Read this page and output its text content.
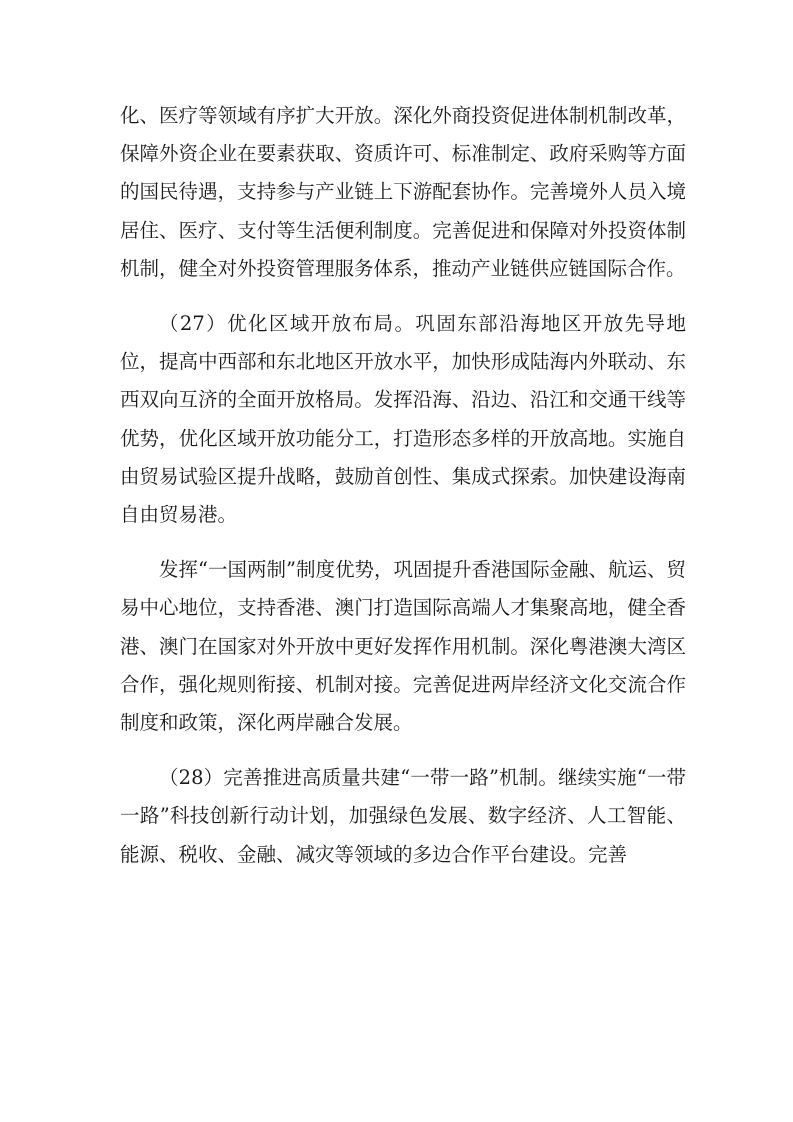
化、医疗等领域有序扩大开放。深化外商投资促进体制机制改革，保障外资企业在要素获取、资质许可、标准制定、政府采购等方面的国民待遇，支持参与产业链上下游配套协作。完善境外人员入境居住、医疗、支付等生活便利制度。完善促进和保障对外投资体制机制，健全对外投资管理服务体系，推动产业链供应链国际合作。

（27）优化区域开放布局。巩固东部沿海地区开放先导地位，提高中西部和东北地区开放水平，加快形成陆海内外联动、东西双向互济的全面开放格局。发挥沿海、沿边、沿江和交通干线等优势，优化区域开放功能分工，打造形态多样的开放高地。实施自由贸易试验区提升战略，鼓励首创性、集成式探索。加快建设海南自由贸易港。

发挥“一国两制”制度优势，巩固提升香港国际金融、航运、贸易中心地位，支持香港、澳门打造国际高端人才集聚高地，健全香港、澳门在国家对外开放中更好发挥作用机制。深化粤港澳大湾区合作，强化规则衔接、机制对接。完善促进两岸经济文化交流合作制度和政策，深化两岸融合发展。

（28）完善推进高质量共建“一带一路”机制。继续实施“一带一路”科技创新行动计划，加强绿色发展、数字经济、人工智能、能源、税收、金融、减灾等领域的多边合作平台建设。完善
